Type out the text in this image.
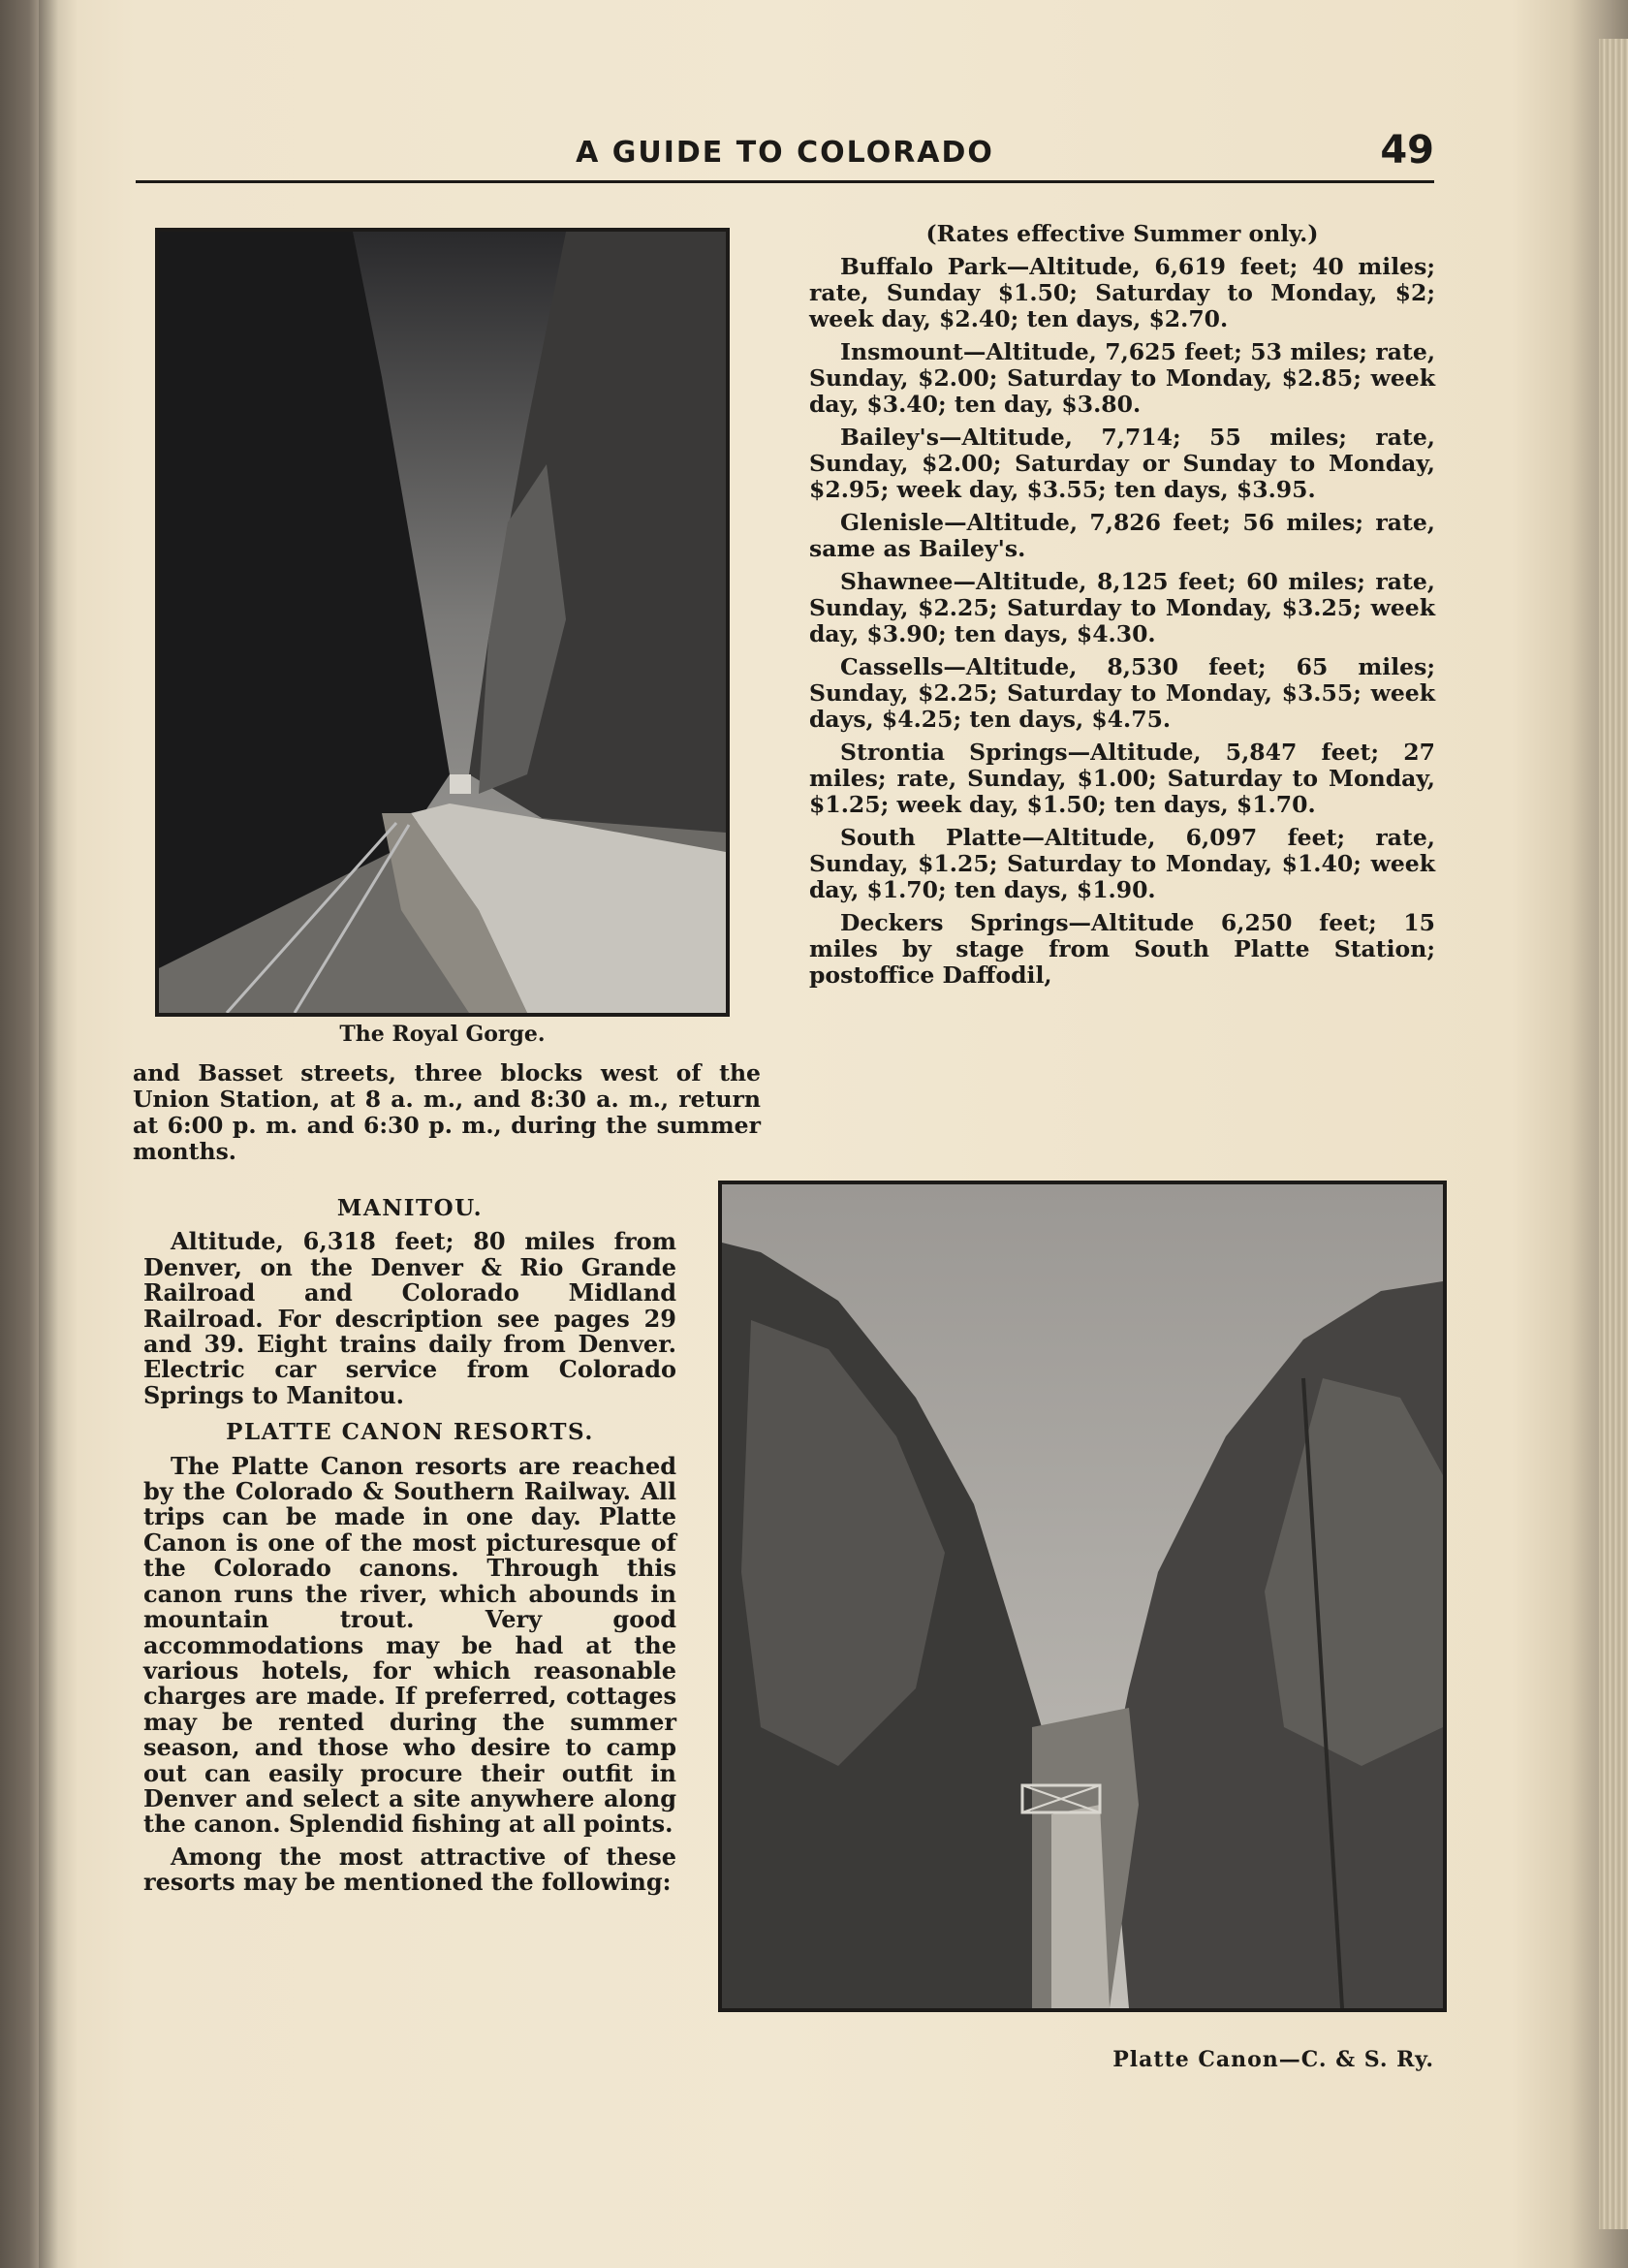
A GUIDE TO COLORADO	49
The Royal Gorge.

(Rates effective Summer only.)

Buffalo Park—Altitude, 6,619 feet; 40 miles; rate, Sunday $1.50; Saturday to Monday, $2; week day, $2.40; ten days, $2.70.

Insmount—Altitude, 7,625 feet; 53 miles; rate, Sunday, $2.00; Saturday to Monday, $2.85; week day, $3.40; ten day, $3.80.

Bailey's—Altitude, 7,714; 55 miles; rate, Sunday, $2.00; Saturday or Sunday to Monday, $2.95; week day, $3.55; ten days, $3.95.

Glenisle—Altitude, 7,826 feet; 56 miles; rate, same as Bailey's.

Shawnee—Altitude, 8,125 feet; 60 miles; rate, Sunday, $2.25; Saturday to Monday, $3.25; week day, $3.90; ten days, $4.30.

Cassells—Altitude, 8,530 feet; 65 miles; Sunday, $2.25; Saturday to Monday, $3.55; week days, $4.25; ten days, $4.75.

Strontia Springs—Altitude, 5,847 feet; 27 miles; rate, Sunday, $1.00; Saturday to Monday, $1.25; week day, $1.50; ten days, $1.70.

South Platte—Altitude, 6,097 feet; rate, Sunday, $1.25; Saturday to Monday, $1.40; week day, $1.70; ten days, $1.90.

Deckers Springs—Altitude 6,250 feet; 15 miles by stage from South Platte Station; postoffice Daffodil,

and Basset streets, three blocks west of the Union Station, at 8 a. m., and 8:30 a. m., return at 6:00 p. m. and 6:30 p. m., during the summer months.

MANITOU.

Altitude, 6,318 feet; 80 miles from Denver, on the Denver & Rio Grande Railroad and Colorado Midland Railroad. For description see pages 29 and 39. Eight trains daily from Denver. Electric car service from Colorado Springs to Manitou.

PLATTE CANON RESORTS.

The Platte Canon resorts are reached by the Colorado & Southern Railway. All trips can be made in one day. Platte Canon is one of the most picturesque of the Colorado canons. Through this canon runs the river, which abounds in mountain trout. Very good accommodations may be had at the various hotels, for which reasonable charges are made. If preferred, cottages may be rented during the summer season, and those who desire to camp out can easily procure their outfit in Denver and select a site anywhere along the canon. Splendid fishing at all points.

Among the most attractive of these resorts may be mentioned the following:

Platte Canon—C. & S. Ry.
